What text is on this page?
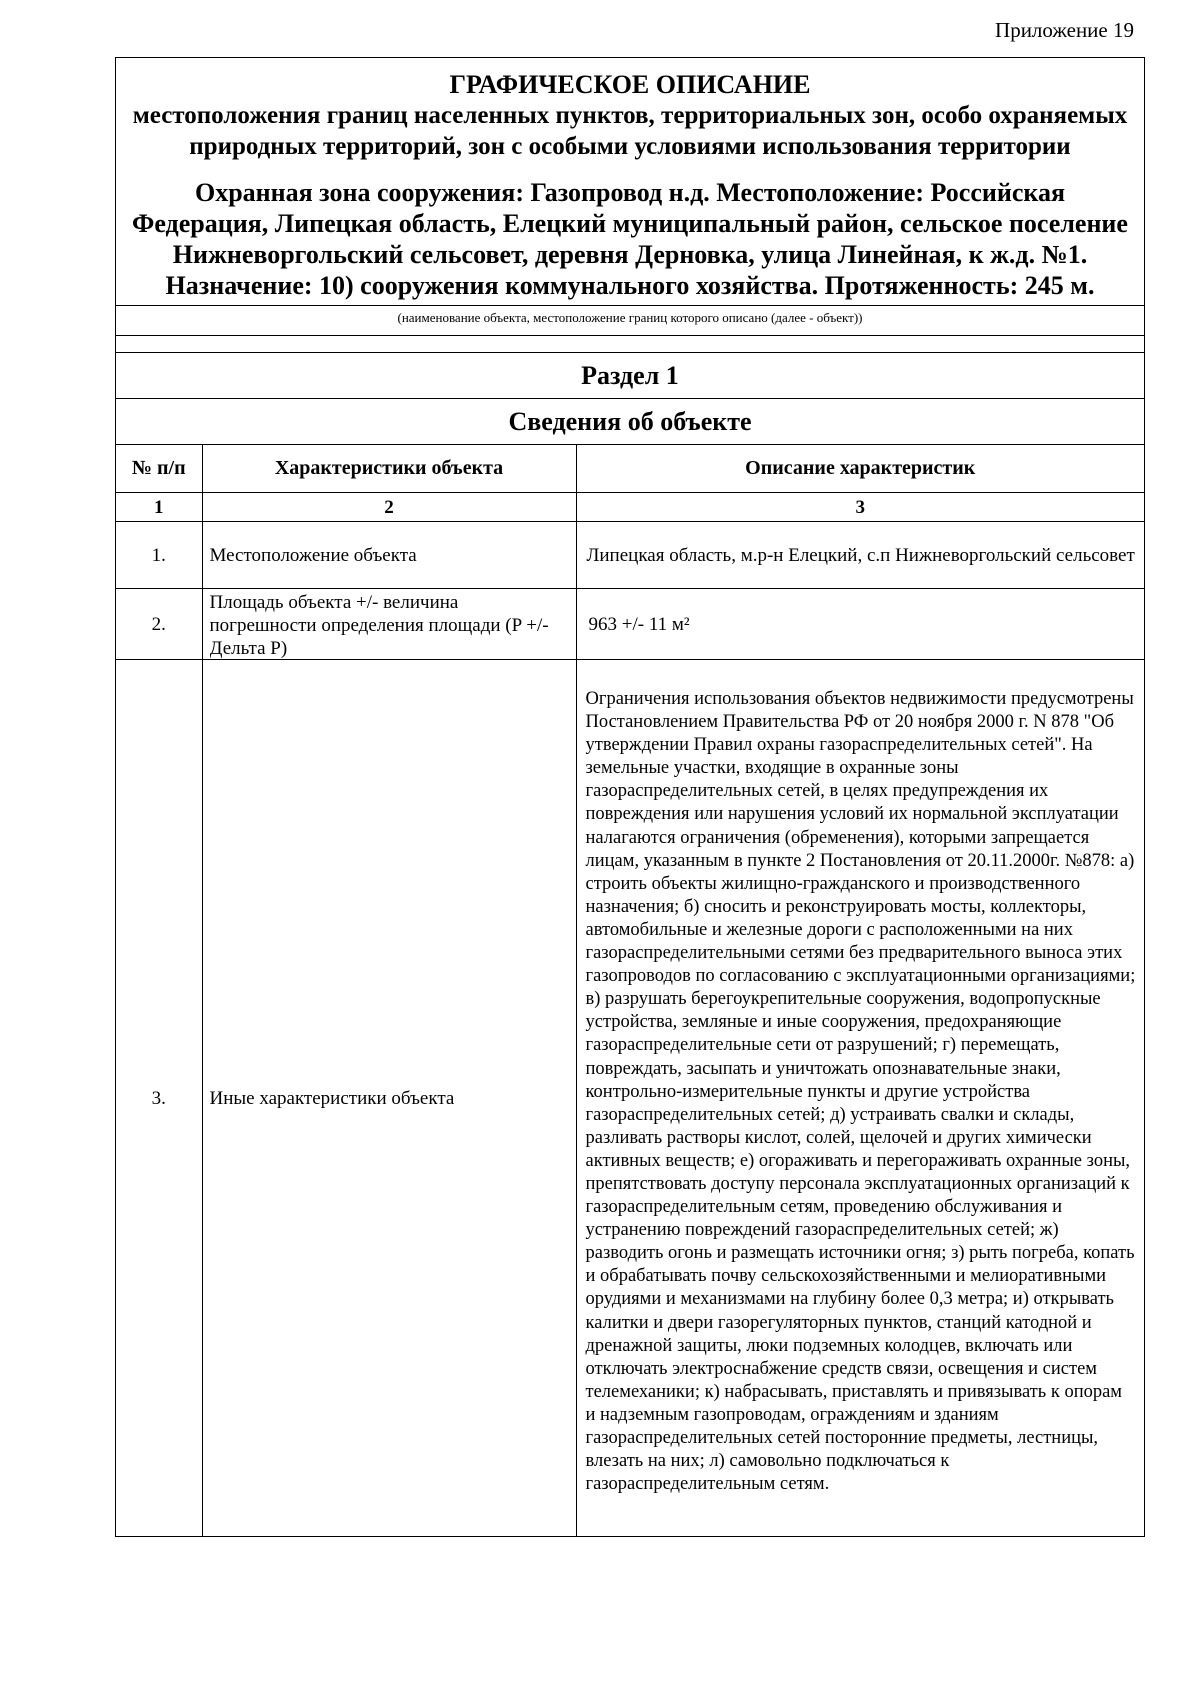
Приложение 19
ГРАФИЧЕСКОЕ ОПИСАНИЕ
местоположения границ населенных пунктов, территориальных зон, особо охраняемых природных территорий, зон с особыми условиями использования территории
Охранная зона сооружения: Газопровод н.д. Местоположение: Российская Федерация, Липецкая область, Елецкий муниципальный район, сельское поселение Нижневоргольский сельсовет, деревня Дерновка, улица Линейная, к ж.д. №1. Назначение: 10) сооружения коммунального хозяйства. Протяженность: 245 м.
(наименование объекта, местоположение границ которого описано (далее - объект))
Раздел 1
Сведения об объекте
№ п/п	Характеристики объекта	Описание характеристик
1	2	3
1.	Местоположение объекта	Липецкая область, м.р-н Елецкий, с.п Нижневоргольский сельсовет
2.	Площадь объекта +/- величина погрешности определения площади (P +/- Дельта P)	963 +/- 11 м²
3.	Иные характеристики объекта	Ограничения использования объектов недвижимости предусмотрены Постановлением Правительства РФ от 20 ноября 2000 г. N 878 "Об утверждении Правил охраны газораспределительных сетей". На земельные участки, входящие в охранные зоны газораспределительных сетей, в целях предупреждения их повреждения или нарушения условий их нормальной эксплуатации налагаются ограничения (обременения), которыми запрещается лицам, указанным в пункте 2 Постановления от 20.11.2000г. №878: а) строить объекты жилищно-гражданского и производственного назначения; б) сносить и реконструировать мосты, коллекторы, автомобильные и железные дороги с расположенными на них газораспределительными сетями без предварительного выноса этих газопроводов по согласованию с эксплуатационными организациями; в) разрушать берегоукрепительные сооружения, водопропускные устройства, земляные и иные сооружения, предохраняющие газораспределительные сети от разрушений; г) перемещать, повреждать, засыпать и уничтожать опознавательные знаки, контрольно-измерительные пункты и другие устройства газораспределительных сетей; д) устраивать свалки и склады, разливать растворы кислот, солей, щелочей и других химически активных веществ; е) огораживать и перегораживать охранные зоны, препятствовать доступу персонала эксплуатационных организаций к газораспределительным сетям, проведению обслуживания и устранению повреждений газораспределительных сетей; ж) разводить огонь и размещать источники огня; з) рыть погреба, копать и обрабатывать почву сельскохозяйственными и мелиоративными орудиями и механизмами на глубину более 0,3 метра; и) открывать калитки и двери газорегуляторных пунктов, станций катодной и дренажной защиты, люки подземных колодцев, включать или отключать электроснабжение средств связи, освещения и систем телемеханики; к) набрасывать, приставлять и привязывать к опорам и надземным газопроводам, ограждениям и зданиям газораспределительных сетей посторонние предметы, лестницы, влезать на них; л) самовольно подключаться к газораспределительным сетям.
